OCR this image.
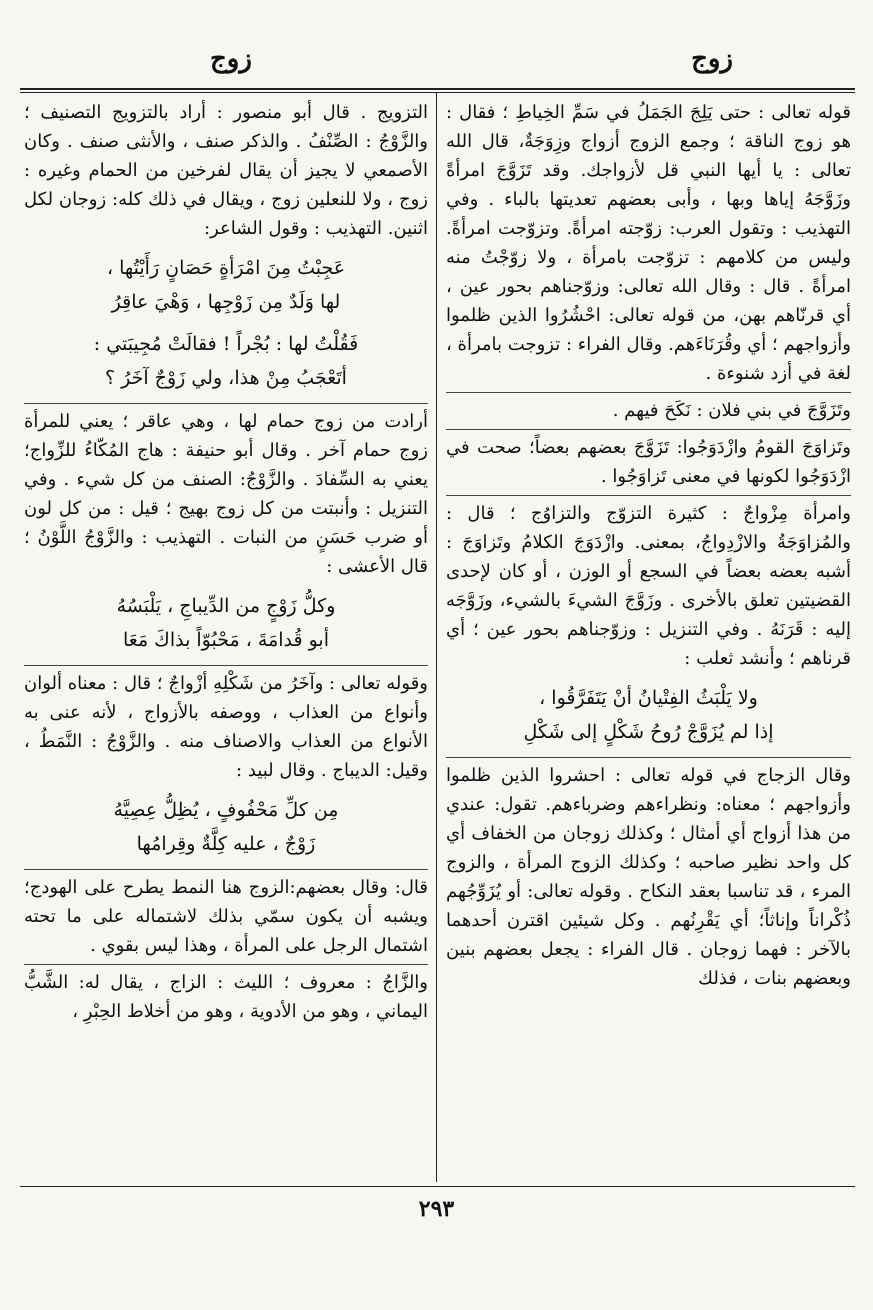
زوج
زوج

قوله تعالى : حتى يَلِجَ الجَمَلُ في سَمِّ الخِياطِ ؛ فقال : هو زوج الناقة ؛ وجمع الزوج أزواج وزِوَجَةٌ، قال الله تعالى : يا أيها النبي قل لأزواجك. وقد تَزَوَّجَ امرأةً وزَوَّجَهُ إياها وبها ، وأبى بعضهم تعديتها بالباء . وفي التهذيب : وتقول العرب: زوّجته امرأةً. وتزوّجت امرأةً. وليس من كلامهم : تزوّجت بامرأة ، ولا زوّجْتُ منه امرأةً . قال : وقال الله تعالى: وزوّجناهم بحور عين ، أي قرنّاهم بهن، من قوله تعالى: احْشُرُوا الذين ظلموا وأزواجهم ؛ أي وقُرَنَاءَهم. وقال الفراء : تزوجت بامرأة ، لغة في أزد شنوءة .

وتَزَوَّجَ في بني فلان : نَكَحَ فيهم .

وتَزاوَجَ القومُ وازْدَوَجُوا: تَزَوَّجَ بعضهم بعضاً؛ صحت في ازْدَوَجُوا لكونها في معنى تَزاوَجُوا .

وامرأة مِزْواجٌ : كثيرة التزوّج والتزاوُج ؛ قال : والمُزاوَجَةُ والازْدِواجُ، بمعنى. وازْدَوَجَ الكلامُ وتَزاوَجَ : أشبه بعضه بعضاً في السجع أو الوزن ، أو كان لإحدى القضيتين تعلق بالأخرى . وزَوَّجَ الشيءَ بالشيء، وزَوَّجَه إليه : قَرَنَهُ . وفي التنزيل : وزوّجناهم بحور عين ؛ أي قرناهم ؛ وأنشد ثعلب :

ولا يَلْبَثُ الفِتْيانُ أنْ يَتَفَرَّقُوا ،
إذا لم يُزَوَّجْ رُوحُ شَكْلٍ إلى شَكْلِ

وقال الزجاج في قوله تعالى : احشروا الذين ظلموا وأزواجهم ؛ معناه: ونظراءهم وضرباءهم. تقول: عندي من هذا أزواج أي أمثال ؛ وكذلك زوجان من الخفاف أي كل واحد نظير صاحبه ؛ وكذلك الزوج المرأة ، والزوج المرء ، قد تناسبا بعقد النكاح . وقوله تعالى: أو يُزَوِّجُهم ذُكْراناً وإناثاً؛ أي يَقْرِنُهم . وكل شيئين اقترن أحدهما بالآخر : فهما زوجان . قال الفراء : يجعل بعضهم بنين وبعضهم بنات ، فذلك

التزويج . قال أبو منصور : أراد بالتزويج التصنيف ؛ والزَّوْجُ : الصِّنْفُ . والذكر صنف ، والأنثى صنف . وكان الأصمعي لا يجيز أن يقال لفرخين من الحمام وغيره : زوج ، ولا للنعلين زوج ، ويقال في ذلك كله: زوجان لكل اثنين. التهذيب : وقول الشاعر:

عَجِبْتُ مِنَ امْرَأةٍ حَصَانٍ رَأَيْتُها ،
لها وَلَدٌ مِن زَوْجِها ، وَهْيَ عاقِرُ
فَقُلْتُ لها : بُجْراً ! فقالَتْ مُجِيبَتي :
أتَعْجَبُ مِنْ هذا، ولي زَوْجٌ آخَرُ ؟

أرادت من زوج حمام لها ، وهي عاقر ؛ يعني للمرأة زوج حمام آخر . وقال أبو حنيفة : هاج المُكّاءُ للزِّواج؛ يعني به السِّفادَ . والزَّوْجُ: الصنف من كل شيء . وفي التنزيل : وأنبتت من كل زوج بهيج ؛ قيل : من كل لون أو ضرب حَسَنٍ من النبات . التهذيب : والزَّوْجُ اللَّوْنُ ؛ قال الأعشى :

وكلُّ زَوْجٍ من الدِّيباجِ ، يَلْبَسُهُ
أبو قُدامَةَ ، مَحْبُوّاً بذاكَ مَعَا

وقوله تعالى : وآخَرُ من شَكْلِهِ أزْواجٌ ؛ قال : معناه ألوان وأنواع من العذاب ، ووصفه بالأزواج ، لأنه عنى به الأنواع من العذاب والاصناف منه . والزَّوْجُ : النَّمَطُ ، وقيل: الديباج . وقال لبيد :

مِن كلِّ مَحْفُوفٍ ، يُظِلُّ عِصِيَّهُ
زَوْجٌ ، عليه كِلَّةٌ وقِرامُها

قال: وقال بعضهم:الزوج هنا النمط يطرح على الهودج؛ ويشبه أن يكون سمّي بذلك لاشتماله على ما تحته اشتمال الرجل على المرأة ، وهذا ليس بقوي .

والزَّاجُ : معروف ؛ الليث : الزاج ، يقال له: الشَّبُّ اليماني ، وهو من الأدوية ، وهو من أخلاط الحِبْرِ ،

٢٩٣
